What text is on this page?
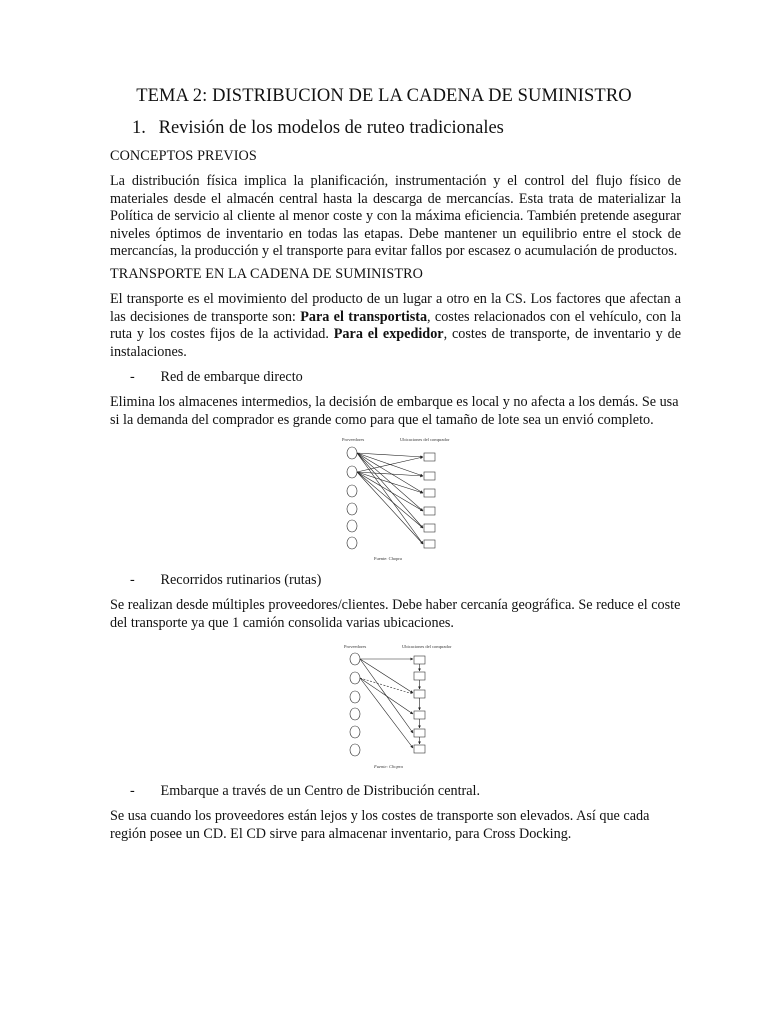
TEMA 2: DISTRIBUCION DE LA CADENA DE SUMINISTRO
1. Revisión de los modelos de ruteo tradicionales
CONCEPTOS PREVIOS
La distribución física implica la planificación, instrumentación y el control del flujo físico de materiales desde el almacén central hasta la descarga de mercancías. Esta trata de materializar la Política de servicio al cliente al menor coste y con la máxima eficiencia. También pretende asegurar niveles óptimos de inventario en todas las etapas. Debe mantener un equilibrio entre el stock de mercancías, la producción y el transporte para evitar fallos por escasez o acumulación de productos.
TRANSPORTE EN LA CADENA DE SUMINISTRO
El transporte es el movimiento del producto de un lugar a otro en la CS. Los factores que afectan a las decisiones de transporte son: Para el transportista, costes relacionados con el vehículo, con la ruta y los costes fijos de la actividad. Para el expedidor, costes de transporte, de inventario y de instalaciones.
- Red de embarque directo
Elimina los almacenes intermedios, la decisión de embarque es local y no afecta a los demás. Se usa si la demanda del comprador es grande como para que el tamaño de lote sea un envió completo.
Proveedores	Ubicaciones del comprador
Fuente: Chopra
- Recorridos rutinarios (rutas)
Se realizan desde múltiples proveedores/clientes. Debe haber cercanía geográfica. Se reduce el coste del transporte ya que 1 camión consolida varias ubicaciones.
Proveedores	Ubicaciones del comprador
Fuente: Chopra
- Embarque a través de un Centro de Distribución central.
Se usa cuando los proveedores están lejos y los costes de transporte son elevados. Así que cada región posee un CD. El CD sirve para almacenar inventario, para Cross Docking.
